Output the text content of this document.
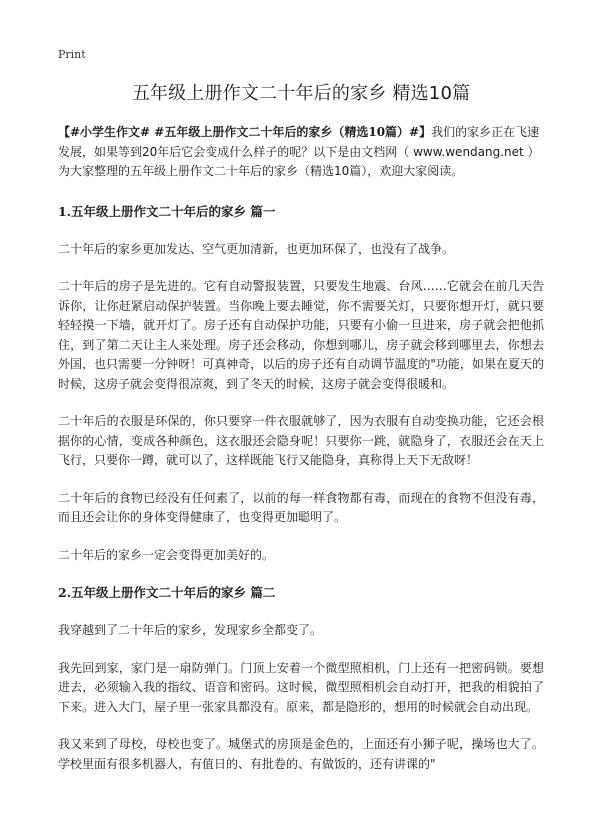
Print
五年级上册作文二十年后的家乡 精选10篇
【#小学生作文# #五年级上册作文二十年后的家乡（精选10篇）#】我们的家乡正在飞速发展，如果等到20年后它会变成什么样子的呢？以下是由文档网（ www.wendang.net ）为大家整理的五年级上册作文二十年后的家乡（精选10篇），欢迎大家阅读。
1.五年级上册作文二十年后的家乡 篇一
二十年后的家乡更加发达、空气更加清新，也更加环保了，也没有了战争。
二十年后的房子是先进的。它有自动警报装置，只要发生地震、台风……它就会在前几天告诉你，让你赶紧启动保护装置。当你晚上要去睡觉，你不需要关灯，只要你想开灯，就只要轻轻摸一下墙，就开灯了。房子还有自动保护功能，只要有小偷一旦进来，房子就会把他抓住，到了第二天让主人来处理。房子还会移动，你想到哪儿，房子就会移到哪里去，你想去外国，也只需要一分钟呀！可真神奇，以后的房子还有自动调节温度的"功能，如果在夏天的时候，这房子就会变得很凉爽，到了冬天的时候，这房子就会变得很暖和。
二十年后的衣服是环保的，你只要穿一件衣服就够了，因为衣服有自动变换功能，它还会根据你的心情，变成各种颜色，这衣服还会隐身呢！只要你一跳，就隐身了，衣服还会在天上飞行，只要你一蹲，就可以了，这样既能飞行又能隐身，真称得上天下无敌呀！
二十年后的食物已经没有任何素了，以前的每一样食物都有毒，而现在的食物不但没有毒，而且还会让你的身体变得健康了，也变得更加聪明了。
二十年后的家乡一定会变得更加美好的。
2.五年级上册作文二十年后的家乡 篇二
我穿越到了二十年后的家乡，发现家乡全都变了。
我先回到家，家门是一扇防弹门。门顶上安着一个微型照相机，门上还有一把密码锁。要想进去，必须输入我的指纹、语音和密码。这时候，微型照相机会自动打开，把我的相貌拍了下来。进入大门，屋子里一张家具都没有。原来，都是隐形的，想用的时候就会自动出现。
我又来到了母校，母校也变了。城堡式的房顶是金色的，上面还有小狮子呢，操场也大了。学校里面有很多机器人，有值日的、有批卷的、有做饭的，还有讲课的"
